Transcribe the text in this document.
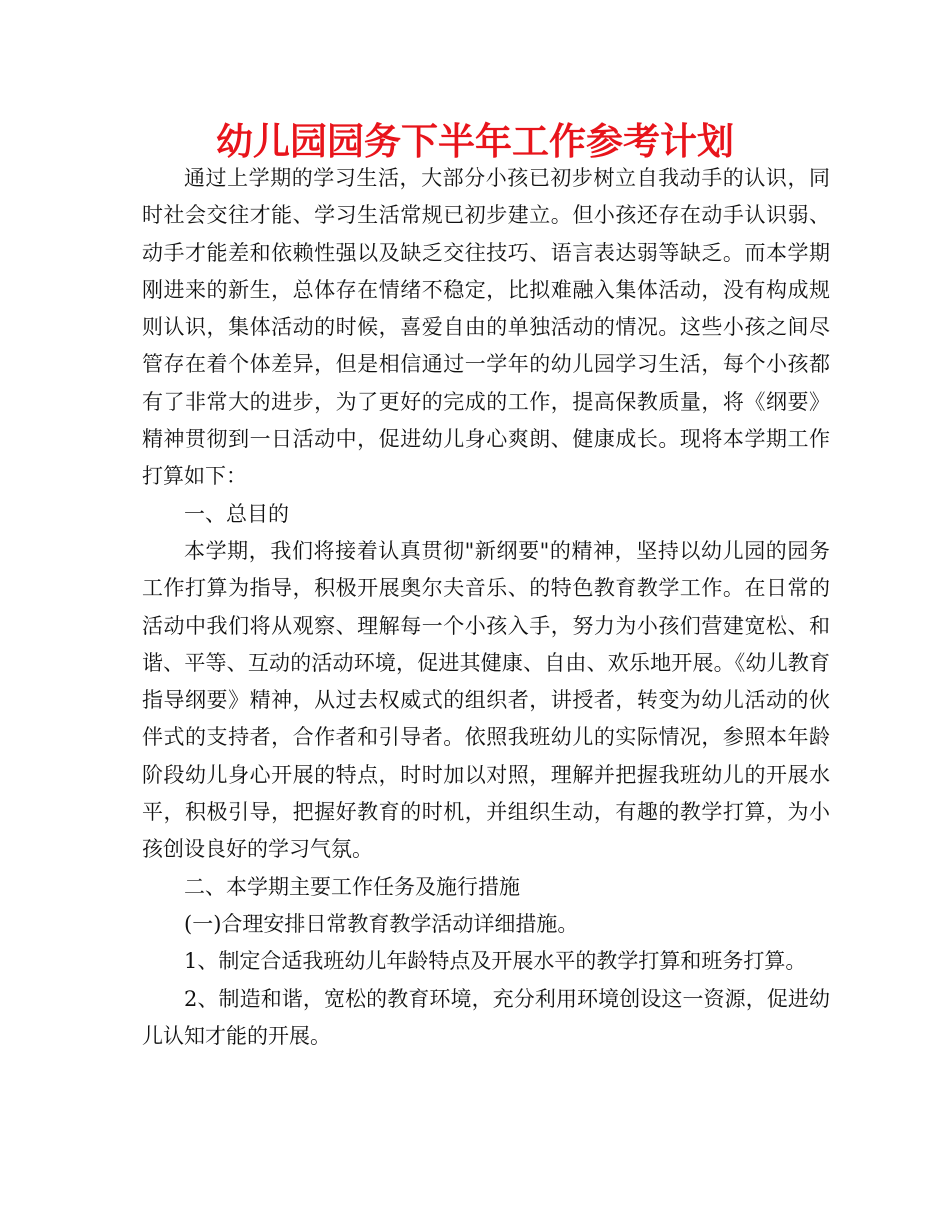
幼儿园园务下半年工作参考计划

通过上学期的学习生活，大部分小孩已初步树立自我动手的认识，同时社会交往才能、学习生活常规已初步建立。但小孩还存在动手认识弱、动手才能差和依赖性强以及缺乏交往技巧、语言表达弱等缺乏。而本学期刚进来的新生，总体存在情绪不稳定，比拟难融入集体活动，没有构成规则认识，集体活动的时候，喜爱自由的单独活动的情况。这些小孩之间尽管存在着个体差异，但是相信通过一学年的幼儿园学习生活，每个小孩都有了非常大的进步，为了更好的完成的工作，提高保教质量，将《纲要》精神贯彻到一日活动中，促进幼儿身心爽朗、健康成长。现将本学期工作打算如下：

一、总目的

本学期，我们将接着认真贯彻"新纲要"的精神，坚持以幼儿园的园务工作打算为指导，积极开展奥尔夫音乐、的特色教育教学工作。在日常的活动中我们将从观察、理解每一个小孩入手，努力为小孩们营建宽松、和谐、平等、互动的活动环境，促进其健康、自由、欢乐地开展。《幼儿教育指导纲要》精神，从过去权威式的组织者，讲授者，转变为幼儿活动的伙伴式的支持者，合作者和引导者。依照我班幼儿的实际情况，参照本年龄阶段幼儿身心开展的特点，时时加以对照，理解并把握我班幼儿的开展水平，积极引导，把握好教育的时机，并组织生动，有趣的教学打算，为小孩创设良好的学习气氛。

二、本学期主要工作任务及施行措施

(一)合理安排日常教育教学活动详细措施。

1、制定合适我班幼儿年龄特点及开展水平的教学打算和班务打算。

2、制造和谐，宽松的教育环境，充分利用环境创设这一资源，促进幼儿认知才能的开展。
